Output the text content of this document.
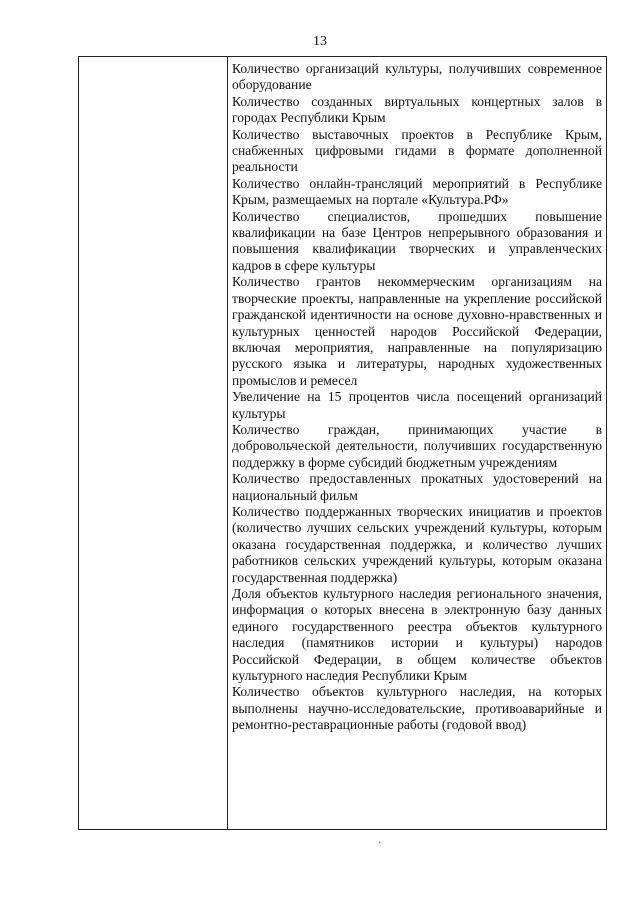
13
Количество организаций культуры, получивших современное оборудование
Количество созданных виртуальных концертных залов в городах Республики Крым
Количество выставочных проектов в Республике Крым, снабженных цифровыми гидами в формате дополненной реальности
Количество онлайн-трансляций мероприятий в Республике Крым, размещаемых на портале «Культура.РФ»
Количество специалистов, прошедших повышение квалификации на базе Центров непрерывного образования и повышения квалификации творческих и управленческих кадров в сфере культуры
Количество грантов некоммерческим организациям на творческие проекты, направленные на укрепление российской гражданской идентичности на основе духовно-нравственных и культурных ценностей народов Российской Федерации, включая мероприятия, направленные на популяризацию русского языка и литературы, народных художественных промыслов и ремесел
Увеличение на 15 процентов числа посещений организаций культуры
Количество граждан, принимающих участие в добровольческой деятельности, получивших государственную поддержку в форме субсидий бюджетным учреждениям
Количество предоставленных прокатных удостоверений на национальный фильм
Количество поддержанных творческих инициатив и проектов (количество лучших сельских учреждений культуры, которым оказана государственная поддержка, и количество лучших работников сельских учреждений культуры, которым оказана государственная поддержка)
Доля объектов культурного наследия регионального значения, информация о которых внесена в электронную базу данных единого государственного реестра объектов культурного наследия (памятников истории и культуры) народов Российской Федерации, в общем количестве объектов культурного наследия Республики Крым
Количество объектов культурного наследия, на которых выполнены научно-исследовательские, противоаварийные и ремонтно-реставрационные работы (годовой ввод)
·
